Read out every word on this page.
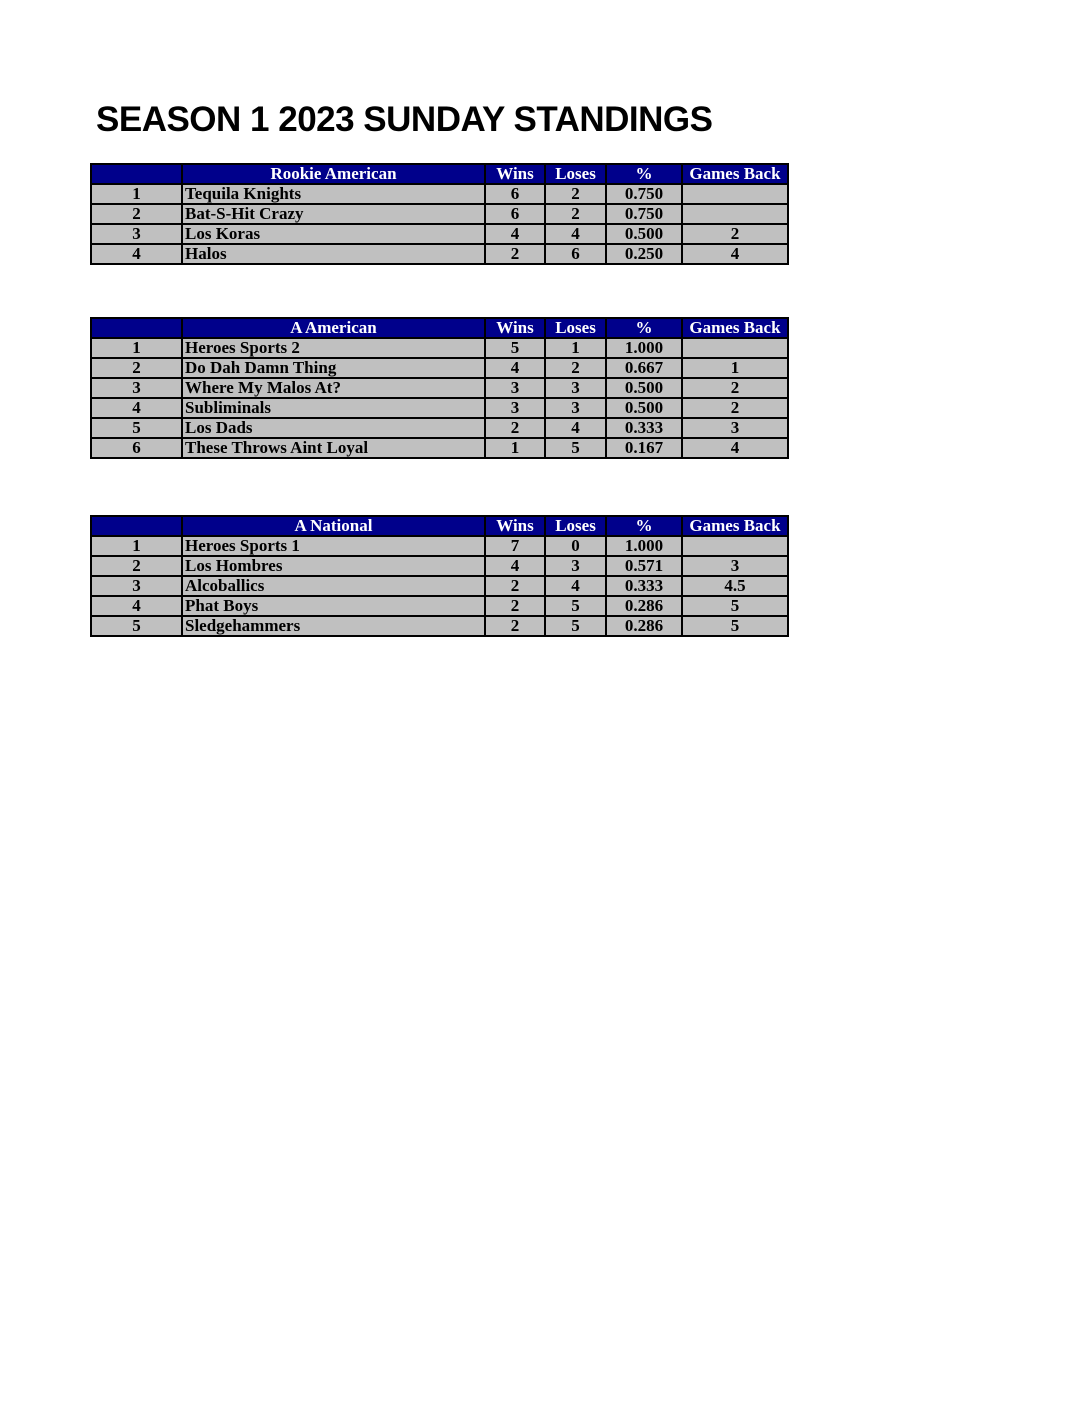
SEASON 1 2023 SUNDAY STANDINGS
	Rookie American	Wins	Loses	%	Games Back
1	Tequila Knights	6	2	0.750	
2	Bat-S-Hit Crazy	6	2	0.750	
3	Los Koras	4	4	0.500	2
4	Halos	2	6	0.250	4
	A American	Wins	Loses	%	Games Back
1	Heroes Sports 2	5	1	1.000	
2	Do Dah Damn Thing	4	2	0.667	1
3	Where My Malos At?	3	3	0.500	2
4	Subliminals	3	3	0.500	2
5	Los Dads	2	4	0.333	3
6	These Throws Aint Loyal	1	5	0.167	4
	A National	Wins	Loses	%	Games Back
1	Heroes Sports 1	7	0	1.000	
2	Los Hombres	4	3	0.571	3
3	Alcoballics	2	4	0.333	4.5
4	Phat Boys	2	5	0.286	5
5	Sledgehammers	2	5	0.286	5
